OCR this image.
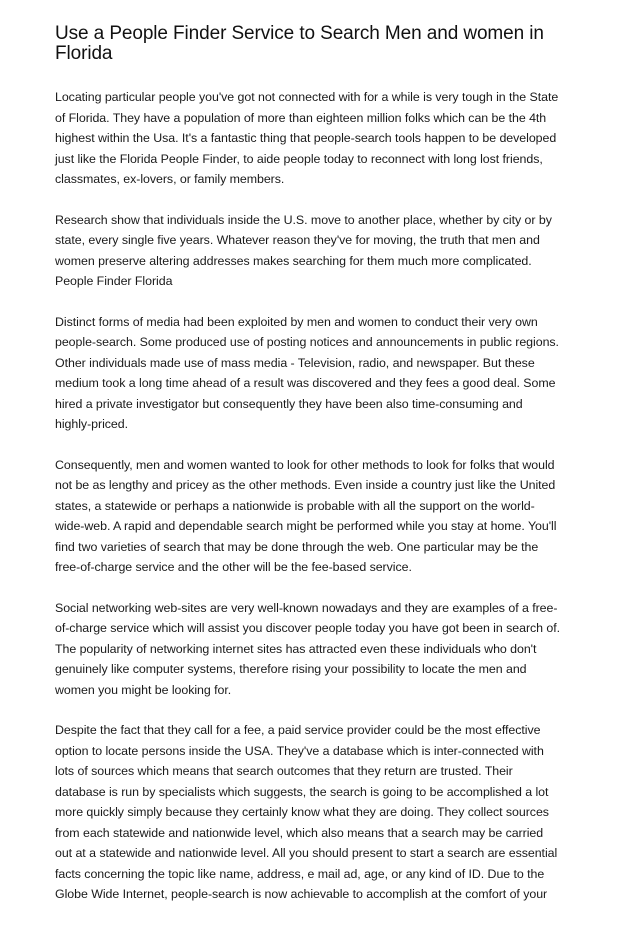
Use a People Finder Service to Search Men and women in
Florida

Locating particular people you've got not connected with for a while is very tough in the State
of Florida. They have a population of more than eighteen million folks which can be the 4th
highest within the Usa. It's a fantastic thing that people-search tools happen to be developed
just like the Florida People Finder, to aide people today to reconnect with long lost friends,
classmates, ex-lovers, or family members.

Research show that individuals inside the U.S. move to another place, whether by city or by
state, every single five years. Whatever reason they've for moving, the truth that men and
women preserve altering addresses makes searching for them much more complicated.
People Finder Florida

Distinct forms of media had been exploited by men and women to conduct their very own
people-search. Some produced use of posting notices and announcements in public regions.
Other individuals made use of mass media - Television, radio, and newspaper. But these
medium took a long time ahead of a result was discovered and they fees a good deal. Some
hired a private investigator but consequently they have been also time-consuming and
highly-priced.

Consequently, men and women wanted to look for other methods to look for folks that would
not be as lengthy and pricey as the other methods. Even inside a country just like the United
states, a statewide or perhaps a nationwide is probable with all the support on the world-
wide-web. A rapid and dependable search might be performed while you stay at home. You'll
find two varieties of search that may be done through the web. One particular may be the
free-of-charge service and the other will be the fee-based service.

Social networking web-sites are very well-known nowadays and they are examples of a free-
of-charge service which will assist you discover people today you have got been in search of.
The popularity of networking internet sites has attracted even these individuals who don't
genuinely like computer systems, therefore rising your possibility to locate the men and
women you might be looking for.

Despite the fact that they call for a fee, a paid service provider could be the most effective
option to locate persons inside the USA. They've a database which is inter-connected with
lots of sources which means that search outcomes that they return are trusted. Their
database is run by specialists which suggests, the search is going to be accomplished a lot
more quickly simply because they certainly know what they are doing. They collect sources
from each statewide and nationwide level, which also means that a search may be carried
out at a statewide and nationwide level. All you should present to start a search are essential
facts concerning the topic like name, address, e mail ad, age, or any kind of ID. Due to the
Globe Wide Internet, people-search is now achievable to accomplish at the comfort of your
